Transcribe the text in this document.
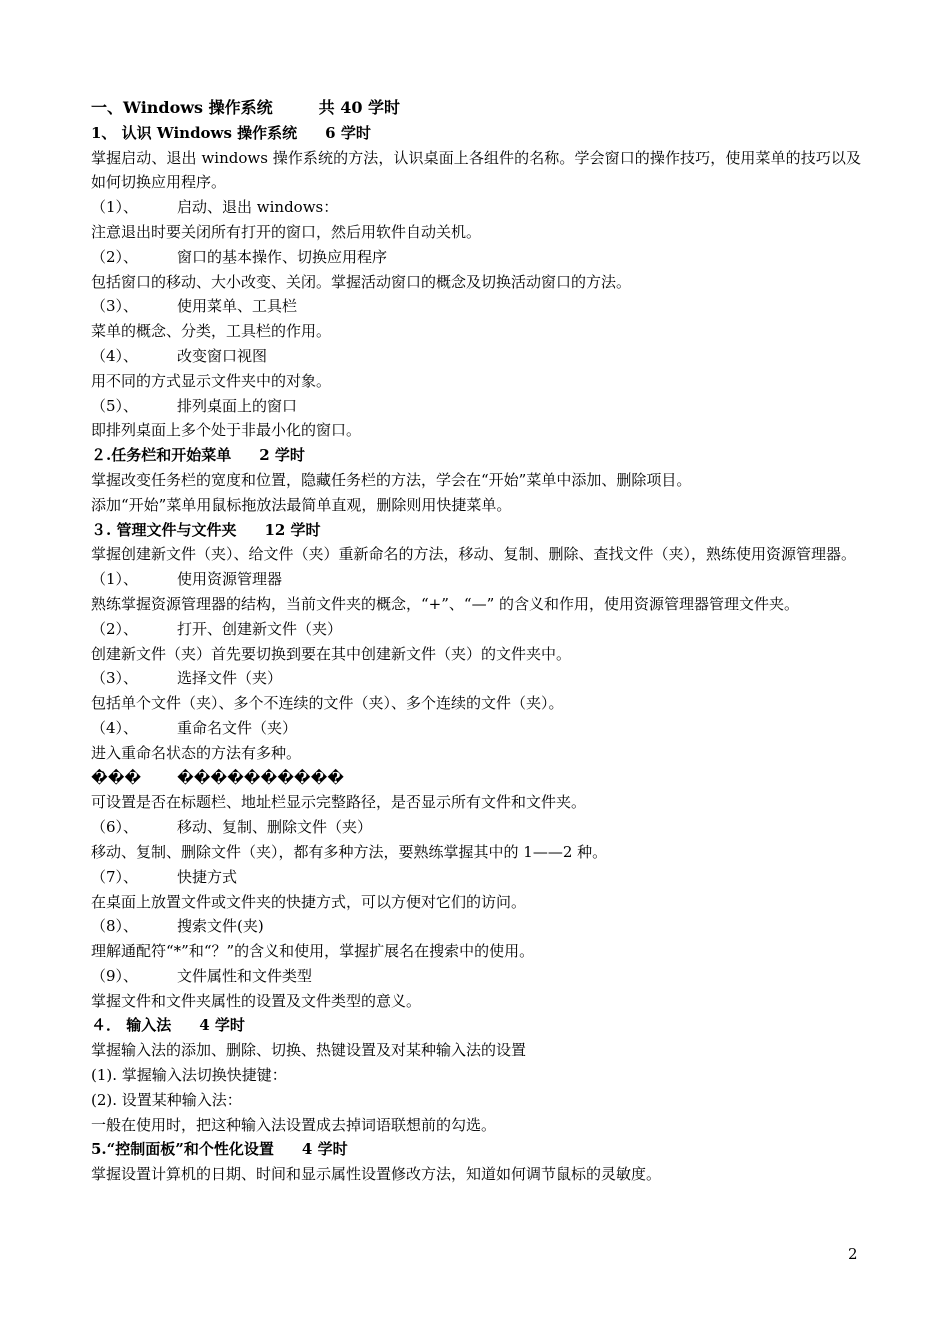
一、Windows 操作系统	共 40 学时
1、 认识 Windows 操作系统 6 学时
掌握启动、退出 windows 操作系统的方法，认识桌面上各组件的名称。学会窗口的操作技巧，使用菜单的技巧以及如何切换应用程序。
（1）、	启动、退出 windows：
注意退出时要关闭所有打开的窗口，然后用软件自动关机。
（2）、	窗口的基本操作、切换应用程序
包括窗口的移动、大小改变、关闭。掌握活动窗口的概念及切换活动窗口的方法。
（3）、	使用菜单、工具栏
菜单的概念、分类，工具栏的作用。
（4）、	改变窗口视图
用不同的方式显示文件夹中的对象。
（5）、	排列桌面上的窗口
即排列桌面上多个处于非最小化的窗口。
２.任务栏和开始菜单 2 学时
掌握改变任务栏的宽度和位置，隐藏任务栏的方法，学会在“开始”菜单中添加、删除项目。
添加“开始”菜单用鼠标拖放法最简单直观，删除则用快捷菜单。
３. 管理文件与文件夹 12 学时
掌握创建新文件（夹）、给文件（夹）重新命名的方法，移动、复制、删除、查找文件（夹），熟练使用资源管理器。
（1）、	使用资源管理器
熟练掌握资源管理器的结构，当前文件夹的概念，“+”、“—” 的含义和作用，使用资源管理器管理文件夹。
（2）、	打开、创建新文件（夹）
创建新文件（夹）首先要切换到要在其中创建新文件（夹）的文件夹中。
（3）、	选择文件（夹）
包括单个文件（夹）、多个不连续的文件（夹）、多个连续的文件（夹）。
（4）、	重命名文件（夹）
进入重命名状态的方法有多种。
�̀�� ����������
可设置是否在标题栏、地址栏显示完整路径，是否显示所有文件和文件夹。
（6）、	移动、复制、删除文件（夹）
移动、复制、删除文件（夹），都有多种方法，要熟练掌握其中的 1——2 种。
（7）、	快捷方式
在桌面上放置文件或文件夹的快捷方式，可以方便对它们的访问。
（8）、	搜索文件(夹)
理解通配符“*”和“？”的含义和使用，掌握扩展名在搜索中的使用。
（9）、	文件属性和文件类型
掌握文件和文件夹属性的设置及文件类型的意义。
４． 输入法 4 学时
掌握输入法的添加、删除、切换、热键设置及对某种输入法的设置
(1). 掌握输入法切换快捷键：
(2). 设置某种输入法：
一般在使用时，把这种输入法设置成去掉词语联想前的勾选。
5.“控制面板”和个性化设置 4 学时
掌握设置计算机的日期、时间和显示属性设置修改方法，知道如何调节鼠标的灵敏度。
2
